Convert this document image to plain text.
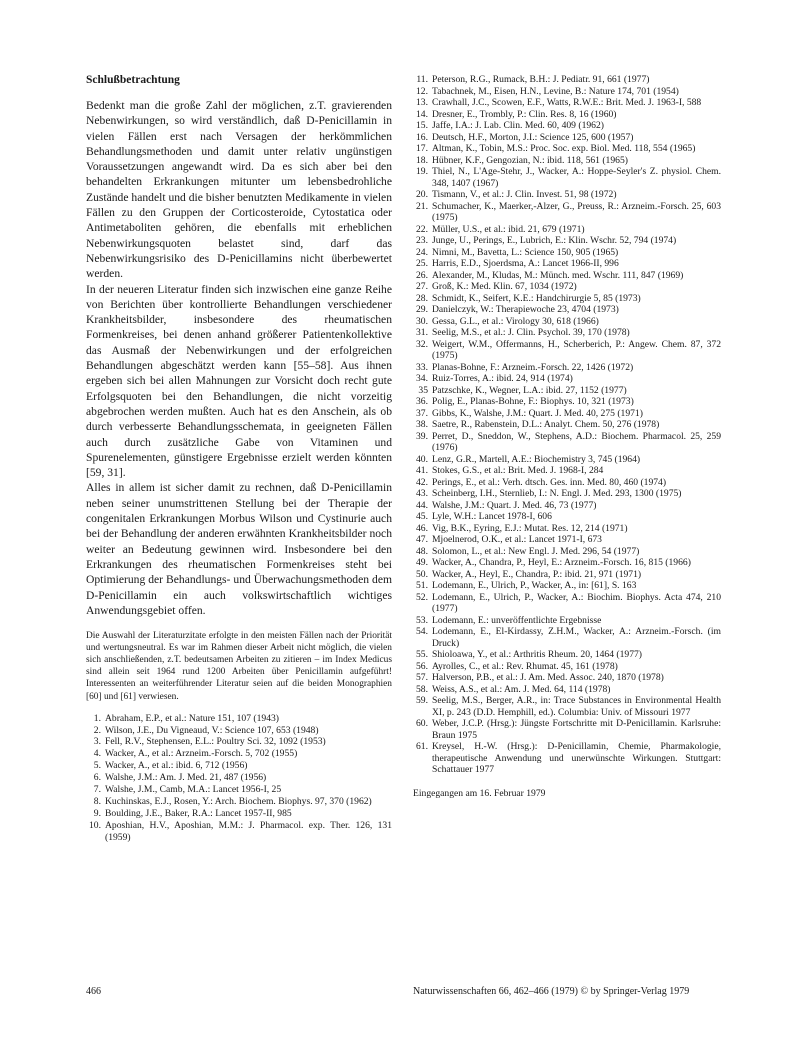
Schlußbetrachtung

Bedenkt man die große Zahl der möglichen, z.T. gravierenden Nebenwirkungen, so wird verständlich, daß D-Penicillamin in vielen Fällen erst nach Versagen der herkömmlichen Behandlungsmethoden und damit unter relativ ungünstigen Voraussetzungen angewandt wird. Da es sich aber bei den behandelten Erkrankungen mitunter um lebensbedrohliche Zustände handelt und die bisher benutzten Medikamente in vielen Fällen zu den Gruppen der Corticosteroide, Cytostatica oder Antimetaboliten gehören, die ebenfalls mit erheblichen Nebenwirkungsquoten belastet sind, darf das Nebenwirkungsrisiko des D-Penicillamins nicht überbewertet werden.

In der neueren Literatur finden sich inzwischen eine ganze Reihe von Berichten über kontrollierte Behandlungen verschiedener Krankheitsbilder, insbesondere des rheumatischen Formenkreises, bei denen anhand größerer Patientenkollektive das Ausmaß der Nebenwirkungen und der erfolgreichen Behandlungen abgeschätzt werden kann [55–58]. Aus ihnen ergeben sich bei allen Mahnungen zur Vorsicht doch recht gute Erfolgsquoten bei den Behandlungen, die nicht vorzeitig abgebrochen werden mußten. Auch hat es den Anschein, als ob durch verbesserte Behandlungsschemata, in geeigneten Fällen auch durch zusätzliche Gabe von Vitaminen und Spurenelementen, günstigere Ergebnisse erzielt werden könnten [59, 31].

Alles in allem ist sicher damit zu rechnen, daß D-Penicillamin neben seiner unumstrittenen Stellung bei der Therapie der congenitalen Erkrankungen Morbus Wilson und Cystinurie auch bei der Behandlung der anderen erwähnten Krankheitsbilder noch weiter an Bedeutung gewinnen wird. Insbesondere bei den Erkrankungen des rheumatischen Formenkreises steht bei Optimierung der Behandlungs- und Überwachungsmethoden dem D-Penicillamin ein auch volkswirtschaftlich wichtiges Anwendungsgebiet offen.

Die Auswahl der Literaturzitate erfolgte in den meisten Fällen nach der Priorität und wertungsneutral. Es war im Rahmen dieser Arbeit nicht möglich, die vielen sich anschließenden, z.T. bedeutsamen Arbeiten zu zitieren – im Index Medicus sind allein seit 1964 rund 1200 Arbeiten über Penicillamin aufgeführt! Interessenten an weiterführender Literatur seien auf die beiden Monographien [60] und [61] verwiesen.

1. Abraham, E.P., et al.: Nature 151, 107 (1943)
2. Wilson, J.E., Du Vigneaud, V.: Science 107, 653 (1948)
3. Fell, R.V., Stephensen, E.L.: Poultry Sci. 32, 1092 (1953)
4. Wacker, A., et al.: Arzneim.-Forsch. 5, 702 (1955)
5. Wacker, A., et al.: ibid. 6, 712 (1956)
6. Walshe, J.M.: Am. J. Med. 21, 487 (1956)
7. Walshe, J.M., Camb, M.A.: Lancet 1956-I, 25
8. Kuchinskas, E.J., Rosen, Y.: Arch. Biochem. Biophys. 97, 370 (1962)
9. Boulding, J.E., Baker, R.A.: Lancet 1957-II, 985
10. Aposhian, H.V., Aposhian, M.M.: J. Pharmacol. exp. Ther. 126, 131 (1959)
11. Peterson, R.G., Rumack, B.H.: J. Pediatr. 91, 661 (1977)
12. Tabachnek, M., Eisen, H.N., Levine, B.: Nature 174, 701 (1954)
13. Crawhall, J.C., Scowen, E.F., Watts, R.W.E.: Brit. Med. J. 1963-I, 588
14. Dresner, E., Trombly, P.: Clin. Res. 8, 16 (1960)
15. Jaffe, I.A.: J. Lab. Clin. Med. 60, 409 (1962)
16. Deutsch, H.F., Morton, J.I.: Science 125, 600 (1957)
17. Altman, K., Tobin, M.S.: Proc. Soc. exp. Biol. Med. 118, 554 (1965)
18. Hübner, K.F., Gengozian, N.: ibid. 118, 561 (1965)
19. Thiel, N., L'Age-Stehr, J., Wacker, A.: Hoppe-Seyler's Z. physiol. Chem. 348, 1407 (1967)
20. Tismann, V., et al.: J. Clin. Invest. 51, 98 (1972)
21. Schumacher, K., Maerker,-Alzer, G., Preuss, R.: Arzneim.-Forsch. 25, 603 (1975)
22. Müller, U.S., et al.: ibid. 21, 679 (1971)
23. Junge, U., Perings, E., Lubrich, E.: Klin. Wschr. 52, 794 (1974)
24. Nimni, M., Bavetta, L.: Science 150, 905 (1965)
25. Harris, E.D., Sjoerdsma, A.: Lancet 1966-II, 996
26. Alexander, M., Kludas, M.: Münch. med. Wschr. 111, 847 (1969)
27. Groß, K.: Med. Klin. 67, 1034 (1972)
28. Schmidt, K., Seifert, K.E.: Handchirurgie 5, 85 (1973)
29. Danielczyk, W.: Therapiewoche 23, 4704 (1973)
30. Gessa, G.L., et al.: Virology 30, 618 (1966)
31. Seelig, M.S., et al.: J. Clin. Psychol. 39, 170 (1978)
32. Weigert, W.M., Offermanns, H., Scherberich, P.: Angew. Chem. 87, 372 (1975)
33. Planas-Bohne, F.: Arzneim.-Forsch. 22, 1426 (1972)
34. Ruiz-Torres, A.: ibid. 24, 914 (1974)
35 Patzschke, K., Wegner, L.A.: ibid. 27, 1152 (1977)
36. Polig, E., Planas-Bohne, F.: Biophys. 10, 321 (1973)
37. Gibbs, K., Walshe, J.M.: Quart. J. Med. 40, 275 (1971)
38. Saetre, R., Rabenstein, D.L.: Analyt. Chem. 50, 276 (1978)
39. Perret, D., Sneddon, W., Stephens, A.D.: Biochem. Pharmacol. 25, 259 (1976)
40. Lenz, G.R., Martell, A.E.: Biochemistry 3, 745 (1964)
41. Stokes, G.S., et al.: Brit. Med. J. 1968-I, 284
42. Perings, E., et al.: Verh. dtsch. Ges. inn. Med. 80, 460 (1974)
43. Scheinberg, I.H., Sternlieb, I.: N. Engl. J. Med. 293, 1300 (1975)
44. Walshe, J.M.: Quart. J. Med. 46, 73 (1977)
45. Lyle, W.H.: Lancet 1978-I, 606
46. Vig, B.K., Eyring, E.J.: Mutat. Res. 12, 214 (1971)
47. Mjoelnerod, O.K., et al.: Lancet 1971-I, 673
48. Solomon, L., et al.: New Engl. J. Med. 296, 54 (1977)
49. Wacker, A., Chandra, P., Heyl, E.: Arzneim.-Forsch. 16, 815 (1966)
50. Wacker, A., Heyl, E., Chandra, P.: ibid. 21, 971 (1971)
51. Lodemann, E., Ulrich, P., Wacker, A., in: [61], S. 163
52. Lodemann, E., Ulrich, P., Wacker, A.: Biochim. Biophys. Acta 474, 210 (1977)
53. Lodemann, E.: unveröffentlichte Ergebnisse
54. Lodemann, E., El-Kirdassy, Z.H.M., Wacker, A.: Arzneim.-Forsch. (im Druck)
55. Shioloawa, Y., et al.: Arthritis Rheum. 20, 1464 (1977)
56. Ayrolles, C., et al.: Rev. Rhumat. 45, 161 (1978)
57. Halverson, P.B., et al.: J. Am. Med. Assoc. 240, 1870 (1978)
58. Weiss, A.S., et al.: Am. J. Med. 64, 114 (1978)
59. Seelig, M.S., Berger, A.R., in: Trace Substances in Environmental Health XI, p. 243 (D.D. Hemphill, ed.). Columbia: Univ. of Missouri 1977
60. Weber, J.C.P. (Hrsg.): Jüngste Fortschritte mit D-Penicillamin. Karlsruhe: Braun 1975
61. Kreysel, H.-W. (Hrsg.): D-Penicillamin, Chemie, Pharmakologie, therapeutische Anwendung und unerwünschte Wirkungen. Stuttgart: Schattauer 1977
Eingegangen am 16. Februar 1979
466	Naturwissenschaften 66, 462–466 (1979) © by Springer-Verlag 1979
